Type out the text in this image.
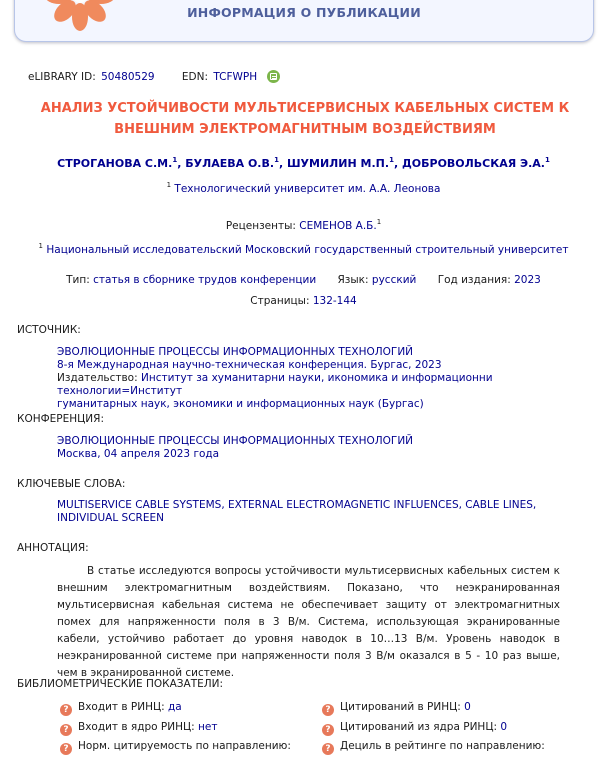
ИНФОРМАЦИЯ О ПУБЛИКАЦИИ
eLIBRARY ID: 50480529	EDN: TCFWPH
АНАЛИЗ УСТОЙЧИВОСТИ МУЛЬТИСЕРВИСНЫХ КАБЕЛЬНЫХ СИСТЕМ К ВНЕШНИМ ЭЛЕКТРОМАГНИТНЫМ ВОЗДЕЙСТВИЯМ
СТРОГАНОВА С.М.$^1$, БУЛАЕВА О.В.$^1$, ШУМИЛИН М.П.$^1$, ДОБРОВОЛЬСКАЯ Э.А.$^1$
$^1$ Технологический университет им. А.А. Леонова
Рецензенты: СЕМЕНОВ А.Б.$^1$
$^1$ Национальный исследовательский Московский государственный строительный университет
Тип: статья в сборнике трудов конференции Язык: русский Год издания: 2023
Страницы: 132-144
ИСТОЧНИК:
ЭВОЛЮЦИОННЫЕ ПРОЦЕССЫ ИНФОРМАЦИОННЫХ ТЕХНОЛОГИЙ
8-я Международная научно-техническая конференция. Бургас, 2023
Издательство: Институт за хуманитарни науки, икономика и информационни технологии=Институт
гуманитарных наук, экономики и информационных наук (Бургас)
КОНФЕРЕНЦИЯ:
ЭВОЛЮЦИОННЫЕ ПРОЦЕССЫ ИНФОРМАЦИОННЫХ ТЕХНОЛОГИЙ
Москва, 04 апреля 2023 года
КЛЮЧЕВЫЕ СЛОВА:
MULTISERVICE CABLE SYSTEMS, EXTERNAL ELECTROMAGNETIC INFLUENCES, CABLE LINES,
INDIVIDUAL SCREEN
АННОТАЦИЯ:
В статье исследуются вопросы устойчивости мультисервисных кабельных систем к внешним электромагнитным воздействиям. Показано, что неэкранированная мультисервисная кабельная система не обеспечивает защиту от электромагнитных помех для напряженности поля в 3 В/м. Система, использующая экранированные кабели, устойчиво работает до уровня наводок в 10…13 В/м. Уровень наводок в неэкранированной системе при напряженности поля 3 В/м оказался в 5 - 10 раз выше, чем в экранированной системе.
БИБЛИОМЕТРИЧЕСКИЕ ПОКАЗАТЕЛИ:
? Входит в РИНЦ: да
? Входит в ядро РИНЦ: нет
? Норм. цитируемость по направлению:
? Цитирований в РИНЦ: 0
? Цитирований из ядра РИНЦ: 0
? Дециль в рейтинге по направлению:
